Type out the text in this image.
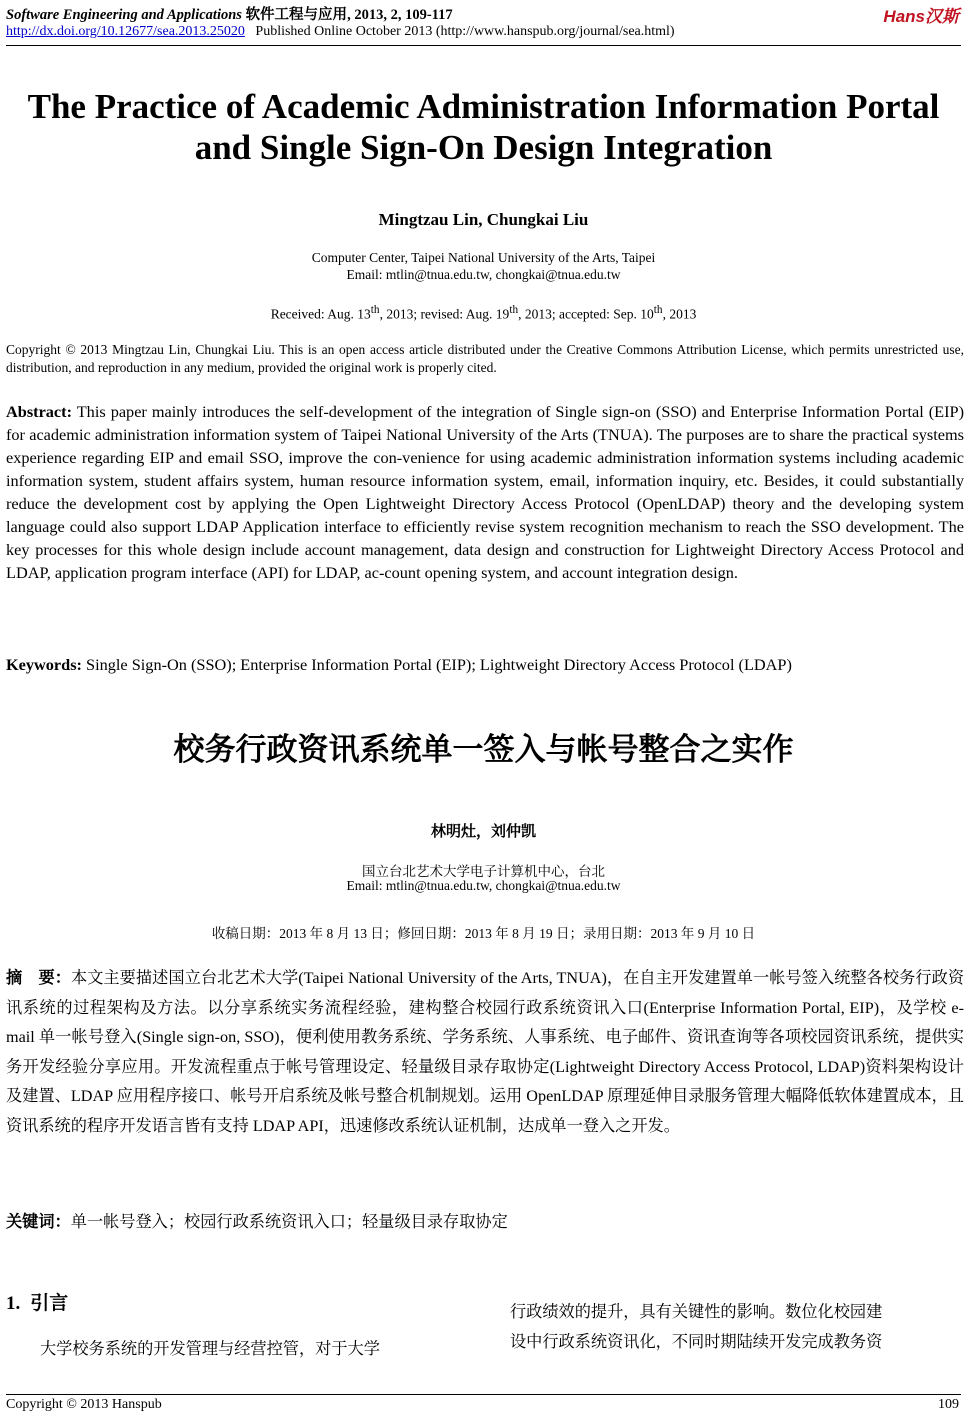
Software Engineering and Applications 软件工程与应用, 2013, 2, 109-117	Hans汉斯
http://dx.doi.org/10.12677/sea.2013.25020 Published Online October 2013 (http://www.hanspub.org/journal/sea.html)
The Practice of Academic Administration Information Portal
and Single Sign-On Design Integration
Mingtzau Lin, Chungkai Liu
Computer Center, Taipei National University of the Arts, Taipei
Email: mtlin@tnua.edu.tw, chongkai@tnua.edu.tw
Received: Aug. 13th, 2013; revised: Aug. 19th, 2013; accepted: Sep. 10th, 2013
Copyright © 2013 Mingtzau Lin, Chungkai Liu. This is an open access article distributed under the Creative Commons Attribution License, which permits unrestricted use, distribution, and reproduction in any medium, provided the original work is properly cited.
Abstract: This paper mainly introduces the self-development of the integration of Single sign-on (SSO) and Enterprise Information Portal (EIP) for academic administration information system of Taipei National University of the Arts (TNUA). The purposes are to share the practical systems experience regarding EIP and email SSO, improve the con-venience for using academic administration information systems including academic information system, student affairs system, human resource information system, email, information inquiry, etc. Besides, it could substantially reduce the development cost by applying the Open Lightweight Directory Access Protocol (OpenLDAP) theory and the developing system language could also support LDAP Application interface to efficiently revise system recognition mechanism to reach the SSO development. The key processes for this whole design include account management, data design and construction for Lightweight Directory Access Protocol and LDAP, application program interface (API) for LDAP, ac-count opening system, and account integration design.
Keywords: Single Sign-On (SSO); Enterprise Information Portal (EIP); Lightweight Directory Access Protocol (LDAP)
校务行政资讯系统单一签入与帐号整合之实作
林明灶，刘仲凯
国立台北艺术大学电子计算机中心，台北
Email: mtlin@tnua.edu.tw, chongkai@tnua.edu.tw
收稿日期：2013 年 8 月 13 日；修回日期：2013 年 8 月 19 日；录用日期：2013 年 9 月 10 日
摘　要：本文主要描述国立台北艺术大学(Taipei National University of the Arts, TNUA)，在自主开发建置单一帐号签入统整各校务行政资讯系统的过程架构及方法。以分享系统实务流程经验，建构整合校园行政系统资讯入口(Enterprise Information Portal, EIP)，及学校 e-mail 单一帐号登入(Single sign-on, SSO)，便利使用教务系统、学务系统、人事系统、电子邮件、资讯查询等各项校园资讯系统，提供实务开发经验分享应用。开发流程重点于帐号管理设定、轻量级目录存取协定(Lightweight Directory Access Protocol, LDAP)资料架构设计及建置、LDAP 应用程序接口、帐号开启系统及帐号整合机制规划。运用 OpenLDAP 原理延伸目录服务管理大幅降低软体建置成本，且资讯系统的程序开发语言皆有支持 LDAP API，迅速修改系统认证机制，达成单一登入之开发。
关键词：单一帐号登入；校园行政系统资讯入口；轻量级目录存取协定
1. 引言
大学校务系统的开发管理与经营控管，对于大学
行政绩效的提升，具有关键性的影响。数位化校园建
设中行政系统资讯化，不同时期陆续开发完成教务资
Copyright © 2013 Hanspub	109
